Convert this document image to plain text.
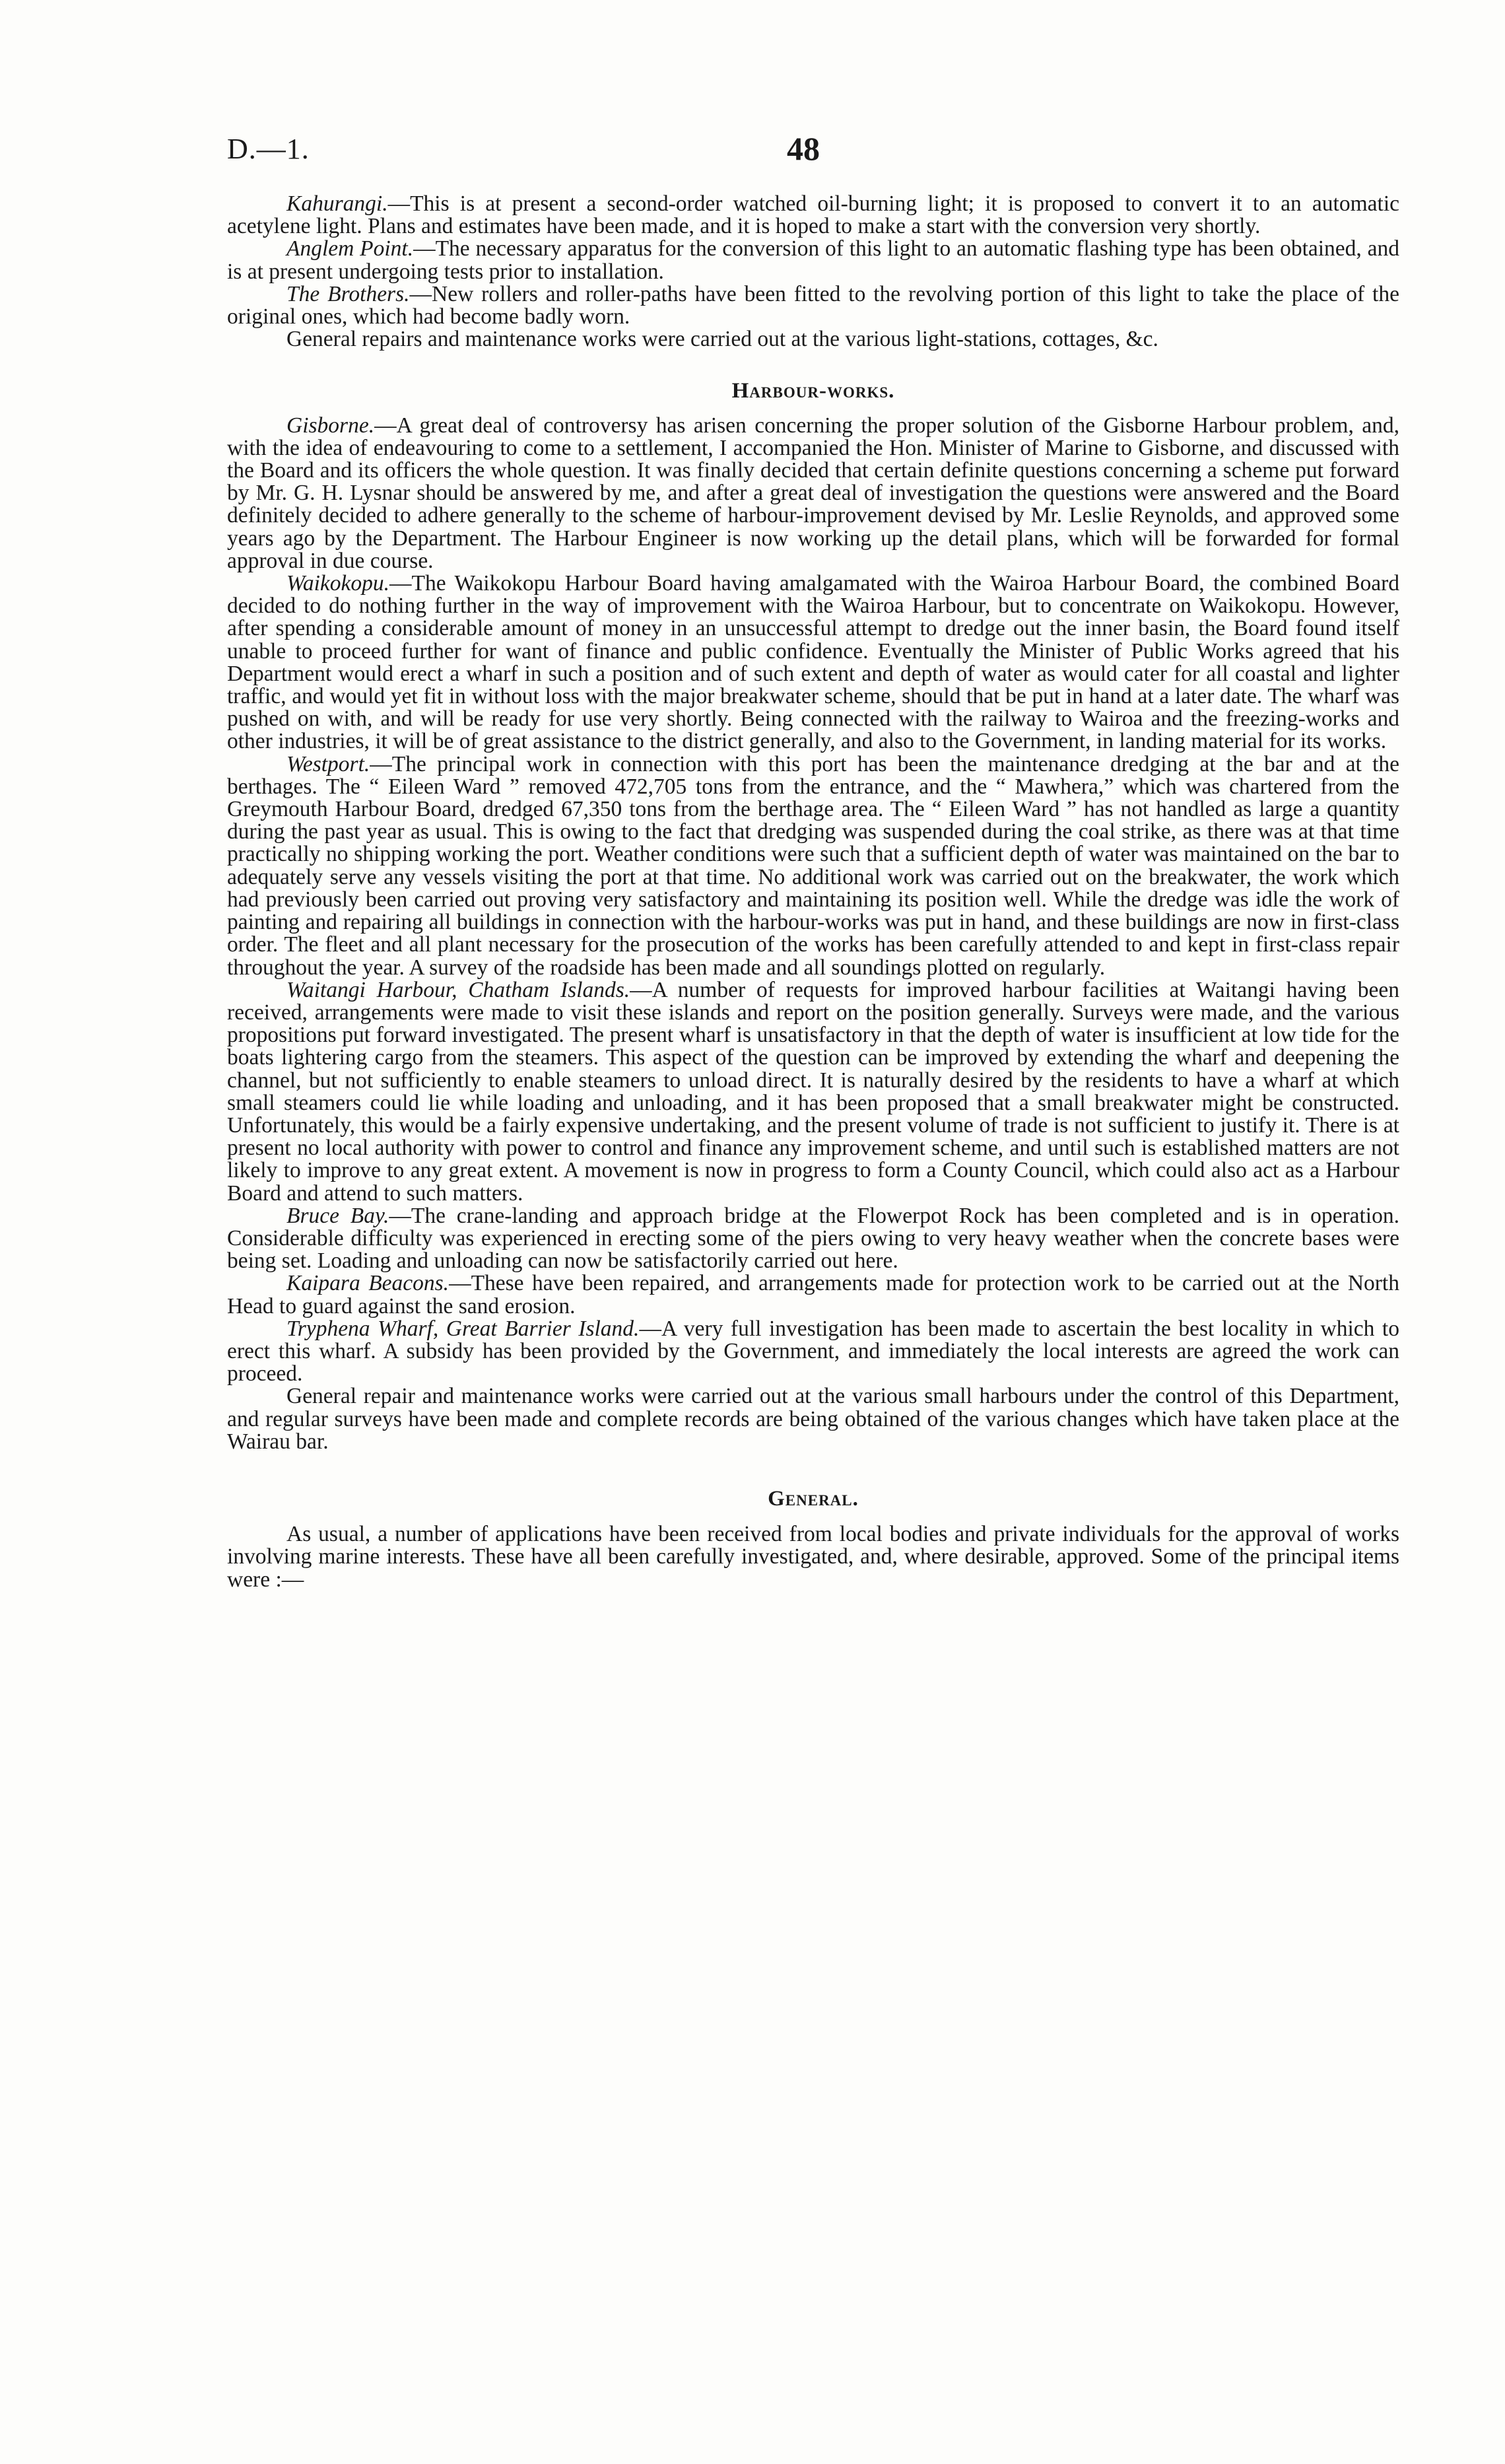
D.—1.	48

Kahurangi.—This is at present a second-order watched oil-burning light; it is proposed to convert it to an automatic acetylene light. Plans and estimates have been made, and it is hoped to make a start with the conversion very shortly.

Anglem Point.—The necessary apparatus for the conversion of this light to an automatic flashing type has been obtained, and is at present undergoing tests prior to installation.

The Brothers.—New rollers and roller-paths have been fitted to the revolving portion of this light to take the place of the original ones, which had become badly worn.

General repairs and maintenance works were carried out at the various light-stations, cottages, &c.

Harbour-works.

Gisborne.—A great deal of controversy has arisen concerning the proper solution of the Gisborne Harbour problem, and, with the idea of endeavouring to come to a settlement, I accompanied the Hon. Minister of Marine to Gisborne, and discussed with the Board and its officers the whole question. It was finally decided that certain definite questions concerning a scheme put forward by Mr. G. H. Lysnar should be answered by me, and after a great deal of investigation the questions were answered and the Board definitely decided to adhere generally to the scheme of harbour-improvement devised by Mr. Leslie Reynolds, and approved some years ago by the Department. The Harbour Engineer is now working up the detail plans, which will be forwarded for formal approval in due course.

Waikokopu.—The Waikokopu Harbour Board having amalgamated with the Wairoa Harbour Board, the combined Board decided to do nothing further in the way of improvement with the Wairoa Harbour, but to concentrate on Waikokopu. However, after spending a considerable amount of money in an unsuccessful attempt to dredge out the inner basin, the Board found itself unable to proceed further for want of finance and public confidence. Eventually the Minister of Public Works agreed that his Department would erect a wharf in such a position and of such extent and depth of water as would cater for all coastal and lighter traffic, and would yet fit in without loss with the major breakwater scheme, should that be put in hand at a later date. The wharf was pushed on with, and will be ready for use very shortly. Being connected with the railway to Wairoa and the freezing-works and other industries, it will be of great assistance to the district generally, and also to the Government, in landing material for its works.

Westport.—The principal work in connection with this port has been the maintenance dredging at the bar and at the berthages. The “ Eileen Ward ” removed 472,705 tons from the entrance, and the “ Mawhera,” which was chartered from the Greymouth Harbour Board, dredged 67,350 tons from the berthage area. The “ Eileen Ward ” has not handled as large a quantity during the past year as usual. This is owing to the fact that dredging was suspended during the coal strike, as there was at that time practically no shipping working the port. Weather conditions were such that a sufficient depth of water was maintained on the bar to adequately serve any vessels visiting the port at that time. No additional work was carried out on the breakwater, the work which had previously been carried out proving very satisfactory and maintaining its position well. While the dredge was idle the work of painting and repairing all buildings in connection with the harbour-works was put in hand, and these buildings are now in first-class order. The fleet and all plant necessary for the prosecution of the works has been carefully attended to and kept in first-class repair throughout the year. A survey of the roadside has been made and all soundings plotted on regularly.

Waitangi Harbour, Chatham Islands.—A number of requests for improved harbour facilities at Waitangi having been received, arrangements were made to visit these islands and report on the position generally. Surveys were made, and the various propositions put forward investigated. The present wharf is unsatisfactory in that the depth of water is insufficient at low tide for the boats lightering cargo from the steamers. This aspect of the question can be improved by extending the wharf and deepening the channel, but not sufficiently to enable steamers to unload direct. It is naturally desired by the residents to have a wharf at which small steamers could lie while loading and unloading, and it has been proposed that a small breakwater might be constructed. Unfortunately, this would be a fairly expensive undertaking, and the present volume of trade is not sufficient to justify it. There is at present no local authority with power to control and finance any improvement scheme, and until such is established matters are not likely to improve to any great extent. A movement is now in progress to form a County Council, which could also act as a Harbour Board and attend to such matters.

Bruce Bay.—The crane-landing and approach bridge at the Flowerpot Rock has been completed and is in operation. Considerable difficulty was experienced in erecting some of the piers owing to very heavy weather when the concrete bases were being set. Loading and unloading can now be satisfactorily carried out here.

Kaipara Beacons.—These have been repaired, and arrangements made for protection work to be carried out at the North Head to guard against the sand erosion.

Tryphena Wharf, Great Barrier Island.—A very full investigation has been made to ascertain the best locality in which to erect this wharf. A subsidy has been provided by the Government, and immediately the local interests are agreed the work can proceed.

General repair and maintenance works were carried out at the various small harbours under the control of this Department, and regular surveys have been made and complete records are being obtained of the various changes which have taken place at the Wairau bar.

General.

As usual, a number of applications have been received from local bodies and private individuals for the approval of works involving marine interests. These have all been carefully investigated, and, where desirable, approved. Some of the principal items were :—
